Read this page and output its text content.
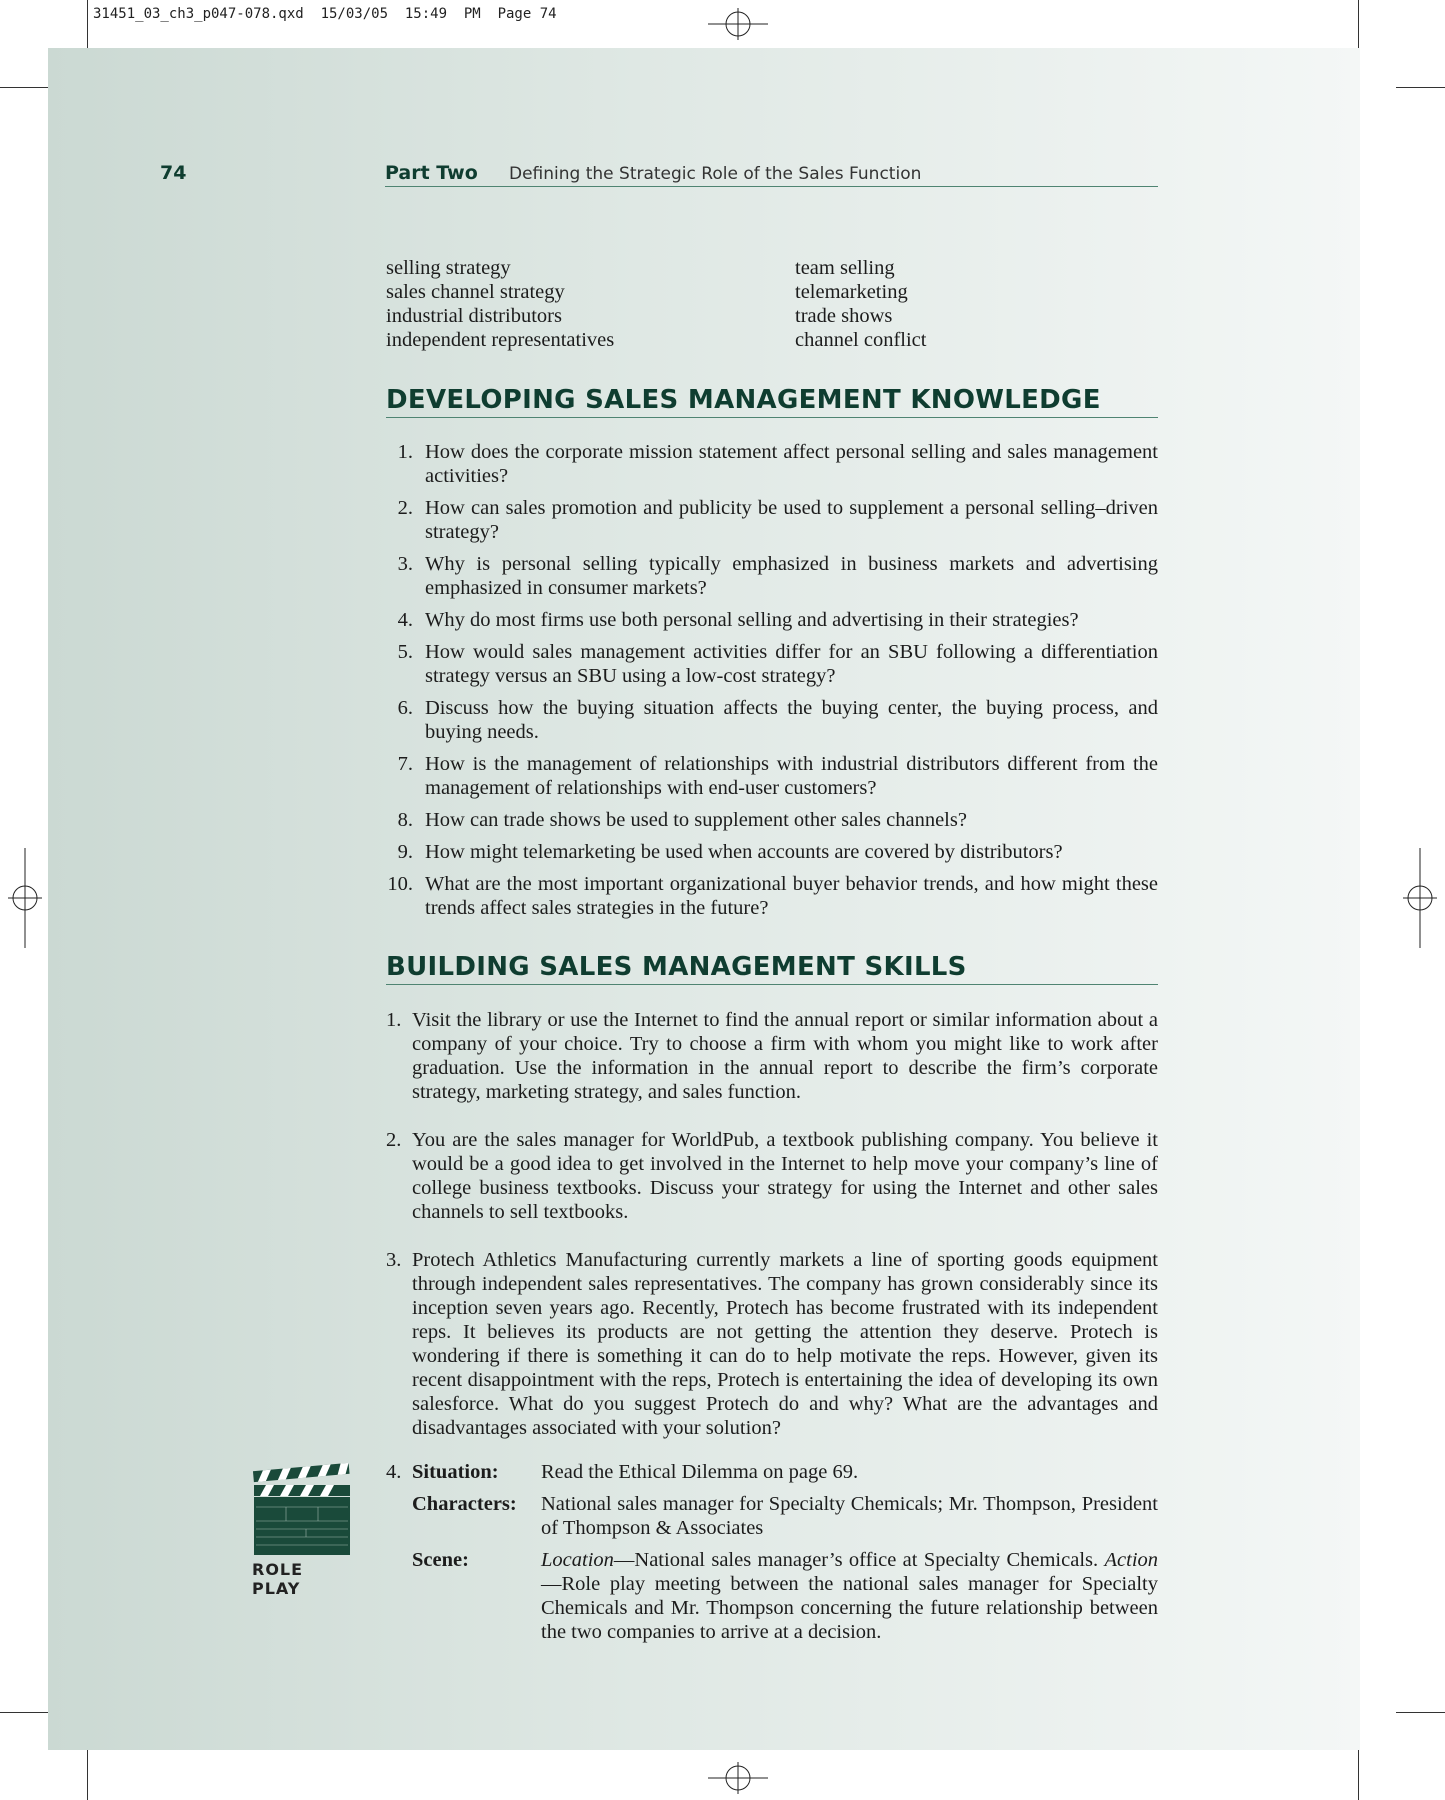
31451_03_ch3_p047-078.qxd  15/03/05  15:49  PM  Page 74
74	Part Two Defining the Strategic Role of the Sales Function
selling strategy
sales channel strategy
industrial distributors
independent representatives
team selling
telemarketing
trade shows
channel conflict
DEVELOPING SALES MANAGEMENT KNOWLEDGE
1. How does the corporate mission statement affect personal selling and sales management activities?
2. How can sales promotion and publicity be used to supplement a personal selling–driven strategy?
3. Why is personal selling typically emphasized in business markets and advertising emphasized in consumer markets?
4. Why do most firms use both personal selling and advertising in their strategies?
5. How would sales management activities differ for an SBU following a differentiation strategy versus an SBU using a low-cost strategy?
6. Discuss how the buying situation affects the buying center, the buying process, and buying needs.
7. How is the management of relationships with industrial distributors different from the management of relationships with end-user customers?
8. How can trade shows be used to supplement other sales channels?
9. How might telemarketing be used when accounts are covered by distributors?
10. What are the most important organizational buyer behavior trends, and how might these trends affect sales strategies in the future?
BUILDING SALES MANAGEMENT SKILLS
1. Visit the library or use the Internet to find the annual report or similar information about a company of your choice. Try to choose a firm with whom you might like to work after graduation. Use the information in the annual report to describe the firm’s corporate strategy, marketing strategy, and sales function.
2. You are the sales manager for WorldPub, a textbook publishing company. You believe it would be a good idea to get involved in the Internet to help move your company’s line of college business textbooks. Discuss your strategy for using the Internet and other sales channels to sell textbooks.
3. Protech Athletics Manufacturing currently markets a line of sporting goods equipment through independent sales representatives. The company has grown considerably since its inception seven years ago. Recently, Protech has become frustrated with its independent reps. It believes its products are not getting the attention they deserve. Protech is wondering if there is something it can do to help motivate the reps. However, given its recent disappointment with the reps, Protech is entertaining the idea of developing its own salesforce. What do you suggest Protech do and why? What are the advantages and disadvantages associated with your solution?
4. Situation: Read the Ethical Dilemma on page 69.
Characters: National sales manager for Specialty Chemicals; Mr. Thompson, President of Thompson & Associates
Scene:	Location—National sales manager’s office at Specialty Chemicals. Action—Role play meeting between the national sales manager for Specialty Chemicals and Mr. Thompson concerning the future relationship between the two companies to arrive at a decision.
ROLE PLAY
